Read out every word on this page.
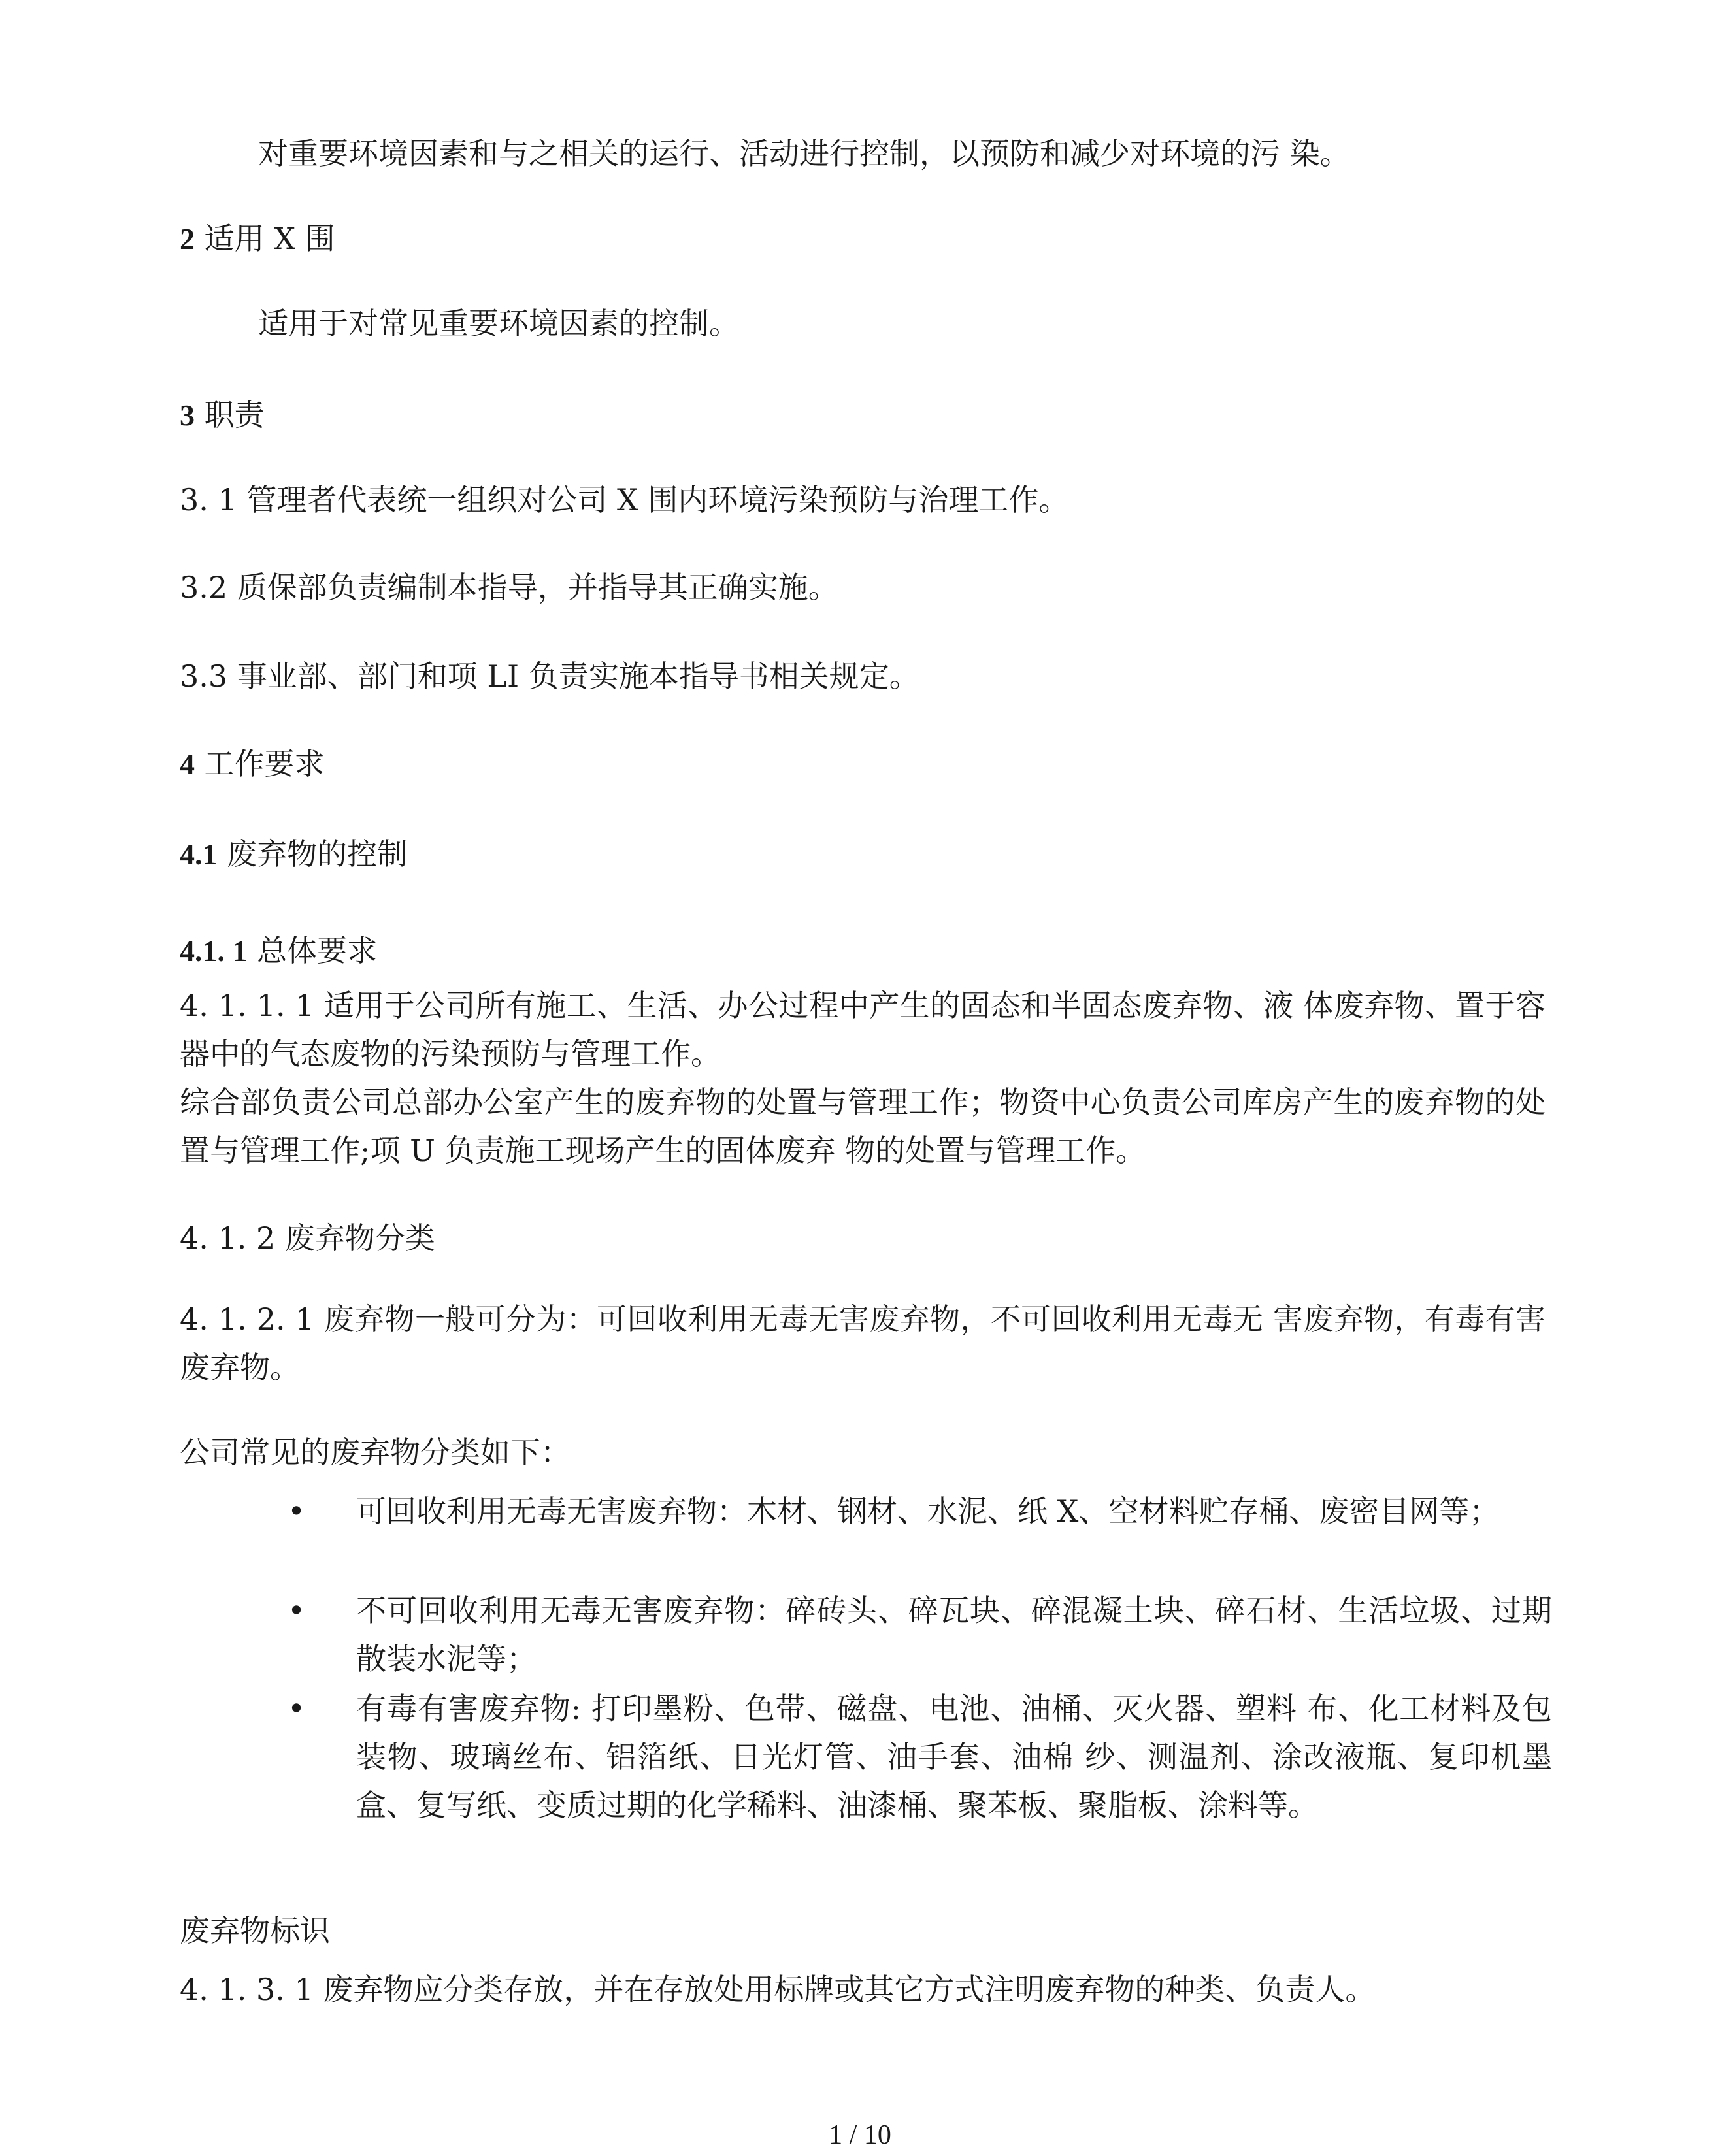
对重要环境因素和与之相关的运行、活动进行控制，以预防和减少对环境的污 染。
2 适用 X 围
适用于对常见重要环境因素的控制。
3 职责
3. 1 管理者代表统一组织对公司 X 围内环境污染预防与治理工作。
3.2 质保部负责编制本指导，并指导其正确实施。
3.3 事业部、部门和项 LI 负责实施本指导书相关规定。
4 工作要求
4.1 废弃物的控制
4.1. 1 总体要求
4. 1. 1. 1 适用于公司所有施工、生活、办公过程中产生的固态和半固态废弃物、液 体废弃物、置于容器中的气态废物的污染预防与管理工作。
综合部负责公司总部办公室产生的废弃物的处置与管理工作；物资中心负责公司库房产生的废弃物的处置与管理工作;项 U 负责施工现场产生的固体废弃 物的处置与管理工作。
4. 1. 2 废弃物分类
4. 1. 2. 1 废弃物一般可分为：可回收利用无毒无害废弃物，不可回收利用无毒无 害废弃物，有毒有害废弃物。
公司常见的废弃物分类如下：
• 可回收利用无毒无害废弃物：木材、钢材、水泥、纸 X、空材料贮存桶、废密目网等；
• 不可回收利用无毒无害废弃物：碎砖头、碎瓦块、碎混凝土块、碎石材、生活垃圾、过期散装水泥等；
• 有毒有害废弃物: 打印墨粉、色带、磁盘、电池、油桶、灭火器、塑料 布、化工材料及包装物、玻璃丝布、铝箔纸、日光灯管、油手套、油棉 纱、测温剂、涂改液瓶、复印机墨盒、复写纸、变质过期的化学稀料、油漆桶、聚苯板、聚脂板、涂料等。
废弃物标识
4. 1. 3. 1 废弃物应分类存放，并在存放处用标牌或其它方式注明废弃物的种类、负责人。
1 / 10
